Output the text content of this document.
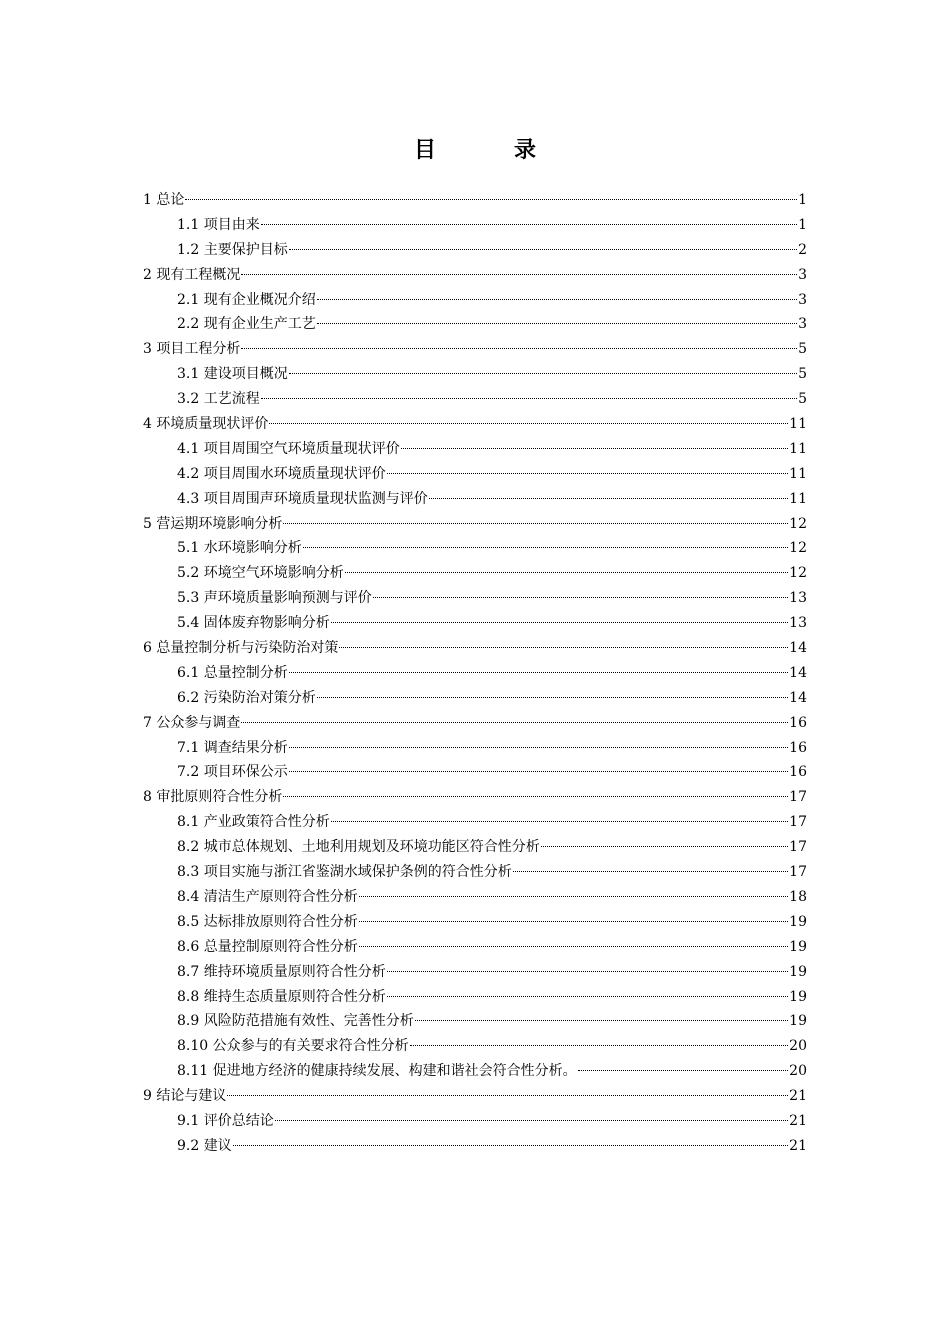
目　录
1 总论	1
1.1 项目由来	1
1.2 主要保护目标	2
2 现有工程概况	3
2.1 现有企业概况介绍	3
2.2 现有企业生产工艺	3
3 项目工程分析	5
3.1 建设项目概况	5
3.2 工艺流程	5
4 环境质量现状评价	11
4.1 项目周围空气环境质量现状评价	11
4.2 项目周围水环境质量现状评价	11
4.3 项目周围声环境质量现状监测与评价	11
5 营运期环境影响分析	12
5.1 水环境影响分析	12
5.2 环境空气环境影响分析	12
5.3 声环境质量影响预测与评价	13
5.4 固体废弃物影响分析	13
6 总量控制分析与污染防治对策	14
6.1 总量控制分析	14
6.2 污染防治对策分析	14
7 公众参与调查	16
7.1 调查结果分析	16
7.2 项目环保公示	16
8 审批原则符合性分析	17
8.1 产业政策符合性分析	17
8.2 城市总体规划、土地利用规划及环境功能区符合性分析	17
8.3 项目实施与浙江省鉴湖水域保护条例的符合性分析	17
8.4 清洁生产原则符合性分析	18
8.5 达标排放原则符合性分析	19
8.6 总量控制原则符合性分析	19
8.7 维持环境质量原则符合性分析	19
8.8 维持生态质量原则符合性分析	19
8.9 风险防范措施有效性、完善性分析	19
8.10 公众参与的有关要求符合性分析	20
8.11 促进地方经济的健康持续发展、构建和谐社会符合性分析。	20
9 结论与建议	21
9.1 评价总结论	21
9.2 建议	21
